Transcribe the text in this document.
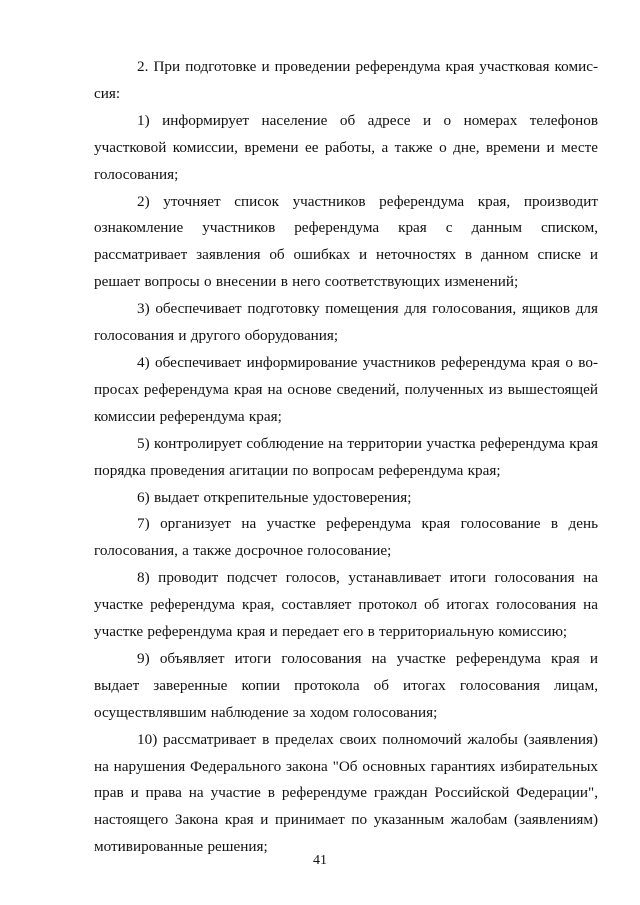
2. При подготовке и проведении референдума края участковая комиссия:

1) информирует население об адресе и о номерах телефонов участковой комиссии, времени ее работы, а также о дне, времени и месте голосования;

2) уточняет список участников референдума края, производит ознакомление участников референдума края с данным списком, рассматривает заявления об ошибках и неточностях в данном списке и решает вопросы о внесении в него соответствующих изменений;

3) обеспечивает подготовку помещения для голосования, ящиков для голосования и другого оборудования;

4) обеспечивает информирование участников референдума края о вопросах референдума края на основе сведений, полученных из вышестоящей комиссии референдума края;

5) контролирует соблюдение на территории участка референдума края порядка проведения агитации по вопросам референдума края;

6) выдает открепительные удостоверения;

7) организует на участке референдума края голосование в день голосования, а также досрочное голосование;

8) проводит подсчет голосов, устанавливает итоги голосования на участке референдума края, составляет протокол об итогах голосования на участке референдума края и передает его в территориальную комиссию;

9) объявляет итоги голосования на участке референдума края и выдает заверенные копии протокола об итогах голосования лицам, осуществлявшим наблюдение за ходом голосования;

10) рассматривает в пределах своих полномочий жалобы (заявления) на нарушения Федерального закона "Об основных гарантиях избирательных прав и права на участие в референдуме граждан Российской Федерации", настоящего Закона края и принимает по указанным жалобам (заявлениям) мотивированные решения;

41
